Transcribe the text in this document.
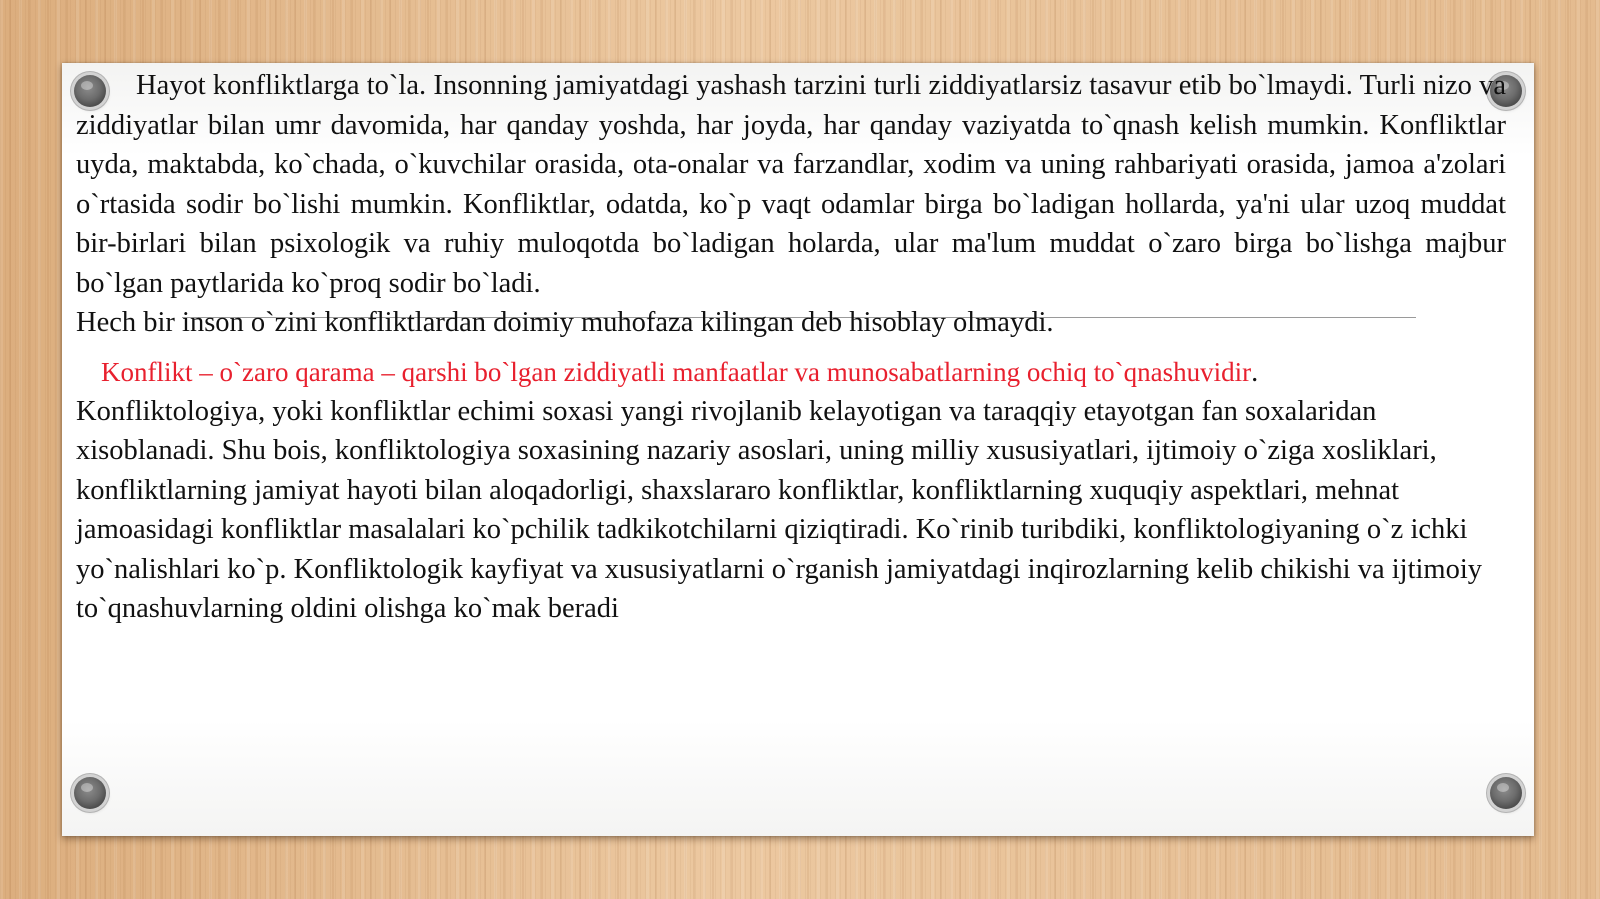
Hayot konfliktlarga to`la. Insonning jamiyatdagi yashash tarzini turli ziddiyatlarsiz tasavur etib bo`lmaydi. Turli nizo va ziddiyatlar bilan umr davomida, har qanday yoshda, har joyda, har qanday vaziyatda to`qnash kelish mumkin. Konfliktlar uyda, maktabda, ko`chada, o`kuvchilar orasida, ota-onalar va farzandlar, xodim va uning rahbariyati orasida, jamoa a'zolari o`rtasida sodir bo`lishi mumkin. Konfliktlar, odatda, ko`p vaqt odamlar birga bo`ladigan hollarda, ya'ni ular uzoq muddat bir-birlari bilan psixologik va ruhiy muloqotda bo`ladigan holarda, ular ma'lum muddat o`zaro birga bo`lishga majbur bo`lgan paytlarida ko`proq sodir bo`ladi.

Hech bir inson o`zini konfliktlardan doimiy muhofaza kilingan deb hisoblay olmaydi.

Konflikt – o`zaro qarama – qarshi bo`lgan ziddiyatli manfaatlar va munosabatlarning ochiq to`qnashuvidir.

Konfliktologiya, yoki konfliktlar echimi soxasi yangi rivojlanib kelayotigan va taraqqiy etayotgan fan soxalaridan xisoblanadi. Shu bois, konfliktologiya soxasining nazariy asoslari, uning milliy xususiyatlari, ijtimoiy o`ziga xosliklari, konfliktlarning jamiyat hayoti bilan aloqadorligi, shaxslararo konfliktlar, konfliktlarning xuquqiy aspektlari, mehnat jamoasidagi konfliktlar masalalari ko`pchilik tadkikotchilarni qiziqtiradi. Ko`rinib turibdiki, konfliktologiyaning o`z ichki yo`nalishlari ko`p. Konfliktologik kayfiyat va xususiyatlarni o`rganish jamiyatdagi inqirozlarning kelib chikishi va ijtimoiy to`qnashuvlarning oldini olishga ko`mak beradi
